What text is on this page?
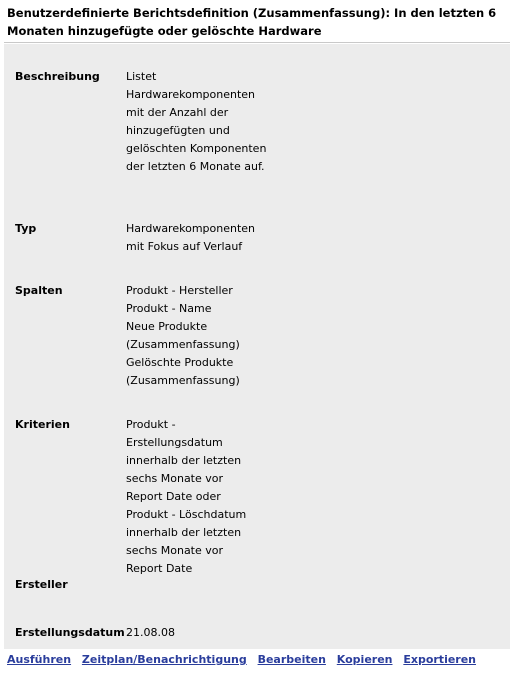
Benutzerdefinierte Berichtsdefinition (Zusammenfassung): In den letzten 6 Monaten hinzugefügte oder gelöschte Hardware
Beschreibung Listet Hardwarekomponenten mit der Anzahl der hinzugefügten und gelöschten Komponenten der letzten 6 Monate auf.
Typ	Hardwarekomponenten mit Fokus auf Verlauf
Spalten	Produkt - Hersteller
Produkt - Name
Neue Produkte (Zusammenfassung)
Gelöschte Produkte (Zusammenfassung)
Kriterien	Produkt - Erstellungsdatum innerhalb der letzten sechs Monate vor Report Date oder Produkt - Löschdatum innerhalb der letzten sechs Monate vor Report Date
Ersteller
Erstellungsdatum 21.08.08
Ausführen Zeitplan/Benachrichtigung Bearbeiten Kopieren Exportieren
